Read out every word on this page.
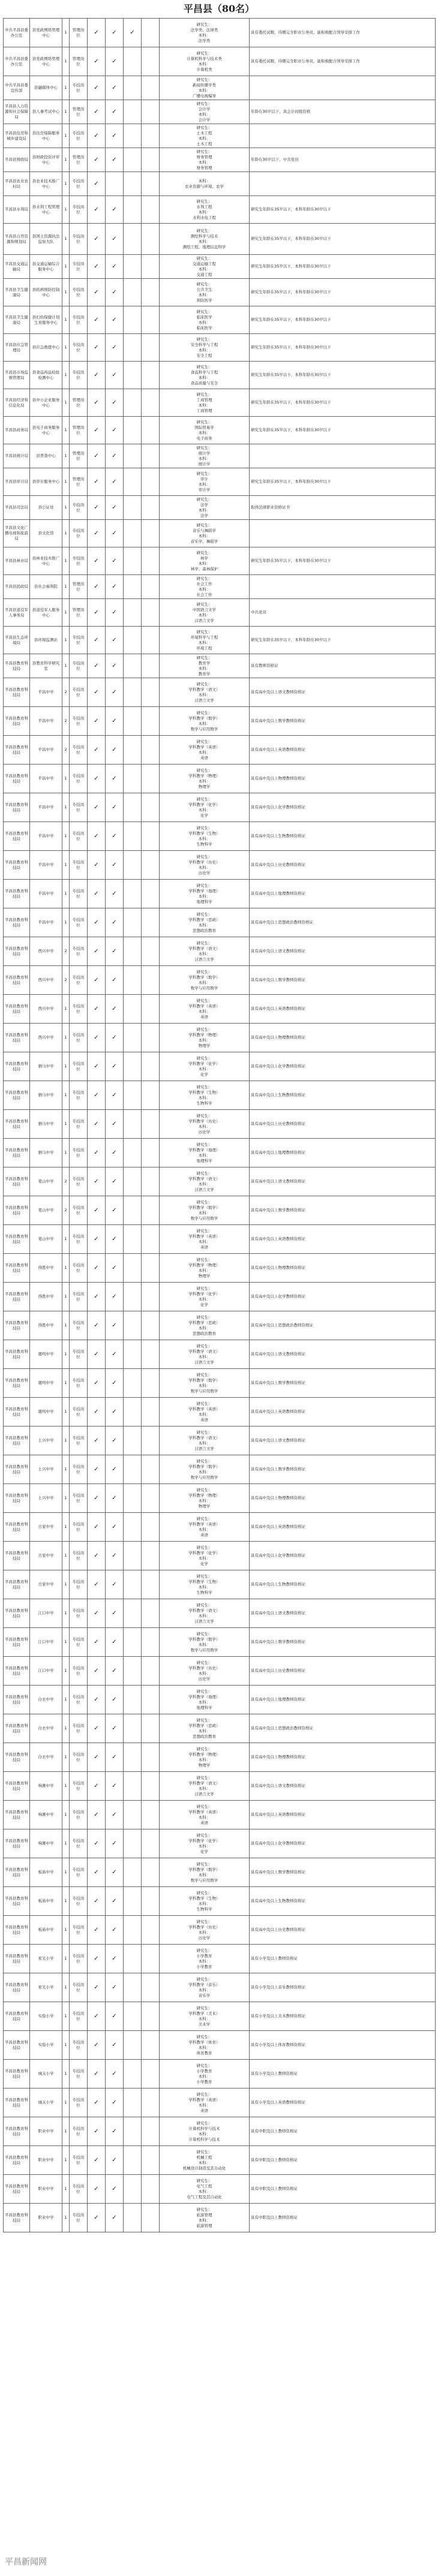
平昌县（80名）
中共平昌县委办公室	县党政网络管理中心	1	管理岗位	✓	✓	✓		研究生：
法学类、法律类
本科：
法学类	具有委托试聘、待聘完全职业公务员，能积极配合领导安排工作
中共平昌县委办公室	县党政网络管理中心	1	管理岗位	✓	✓			研究生：
计算机科学与技术类
本科：
计算机类	具有委托试聘、待聘完全职业公务员，能积极配合领导安排工作
中共平昌县委宣传部	县融媒体中心	1	专技岗位	✓	✓			研究生：
新闻传播学类
本科：
广播电视编导	
平昌县人力资源和社会保障局	县人事考试中心	1	管理岗位	✓	✓			研究生：
会计学
本科：
会计学	年龄在30岁以下，具会计初级资格
平昌县住房和城乡建设局	县住房保障服务中心	1	专技岗位	✓	✓			研究生：
土木工程
本科：
土木工程	
平昌县财政局	县财政投资评审中心	1	管理岗位	✓	✓			研究生：
财务管理
本科：
财务管理	年龄在30岁以下，中共党员
平昌县农业农村局	县农业技术推广中心	1	专技岗位	✓				本科：
农业资源与环境、农学	
平昌县水利局	县水利工程管理中心	1	专技岗位	✓	✓			研究生：
水利工程
本科：
水利水电工程	研究生年龄在35岁以下，本科年龄在30岁以下
平昌县自然资源和规划局	县国土资源执法监察大队	1	专技岗位	✓	✓			研究生：
测绘科学与技术
本科：
测绘工程、地理信息科学	研究生年龄在35岁以下，本科年龄在30岁以下
平昌县交通运输局	县交通运输综合服务中心	1	专技岗位	✓	✓			研究生：
交通运输工程
本科：
交通工程	研究生年龄在35岁以下，本科年龄在30岁以下
平昌县卫生健康局	县疾病预防控制中心	1	专技岗位	✓	✓			研究生：
公共卫生
本科：
预防医学	研究生年龄在35岁以下，本科年龄在30岁以下
平昌县卫生健康局	县妇幼保健计划生育服务中心	1	专技岗位	✓	✓			研究生：
临床医学
本科：
临床医学	研究生年龄在35岁以下，本科年龄在30岁以下
平昌县应急管理局	县应急救援中心	1	专技岗位	✓	✓			研究生：
安全科学与工程
本科：
安全工程	研究生年龄在35岁以下，本科年龄在30岁以下
平昌县市场监督管理局	县食品药品检验检测中心	1	专技岗位	✓	✓			研究生：
食品科学与工程
本科：
食品质量与安全	研究生年龄在35岁以下，本科年龄在30岁以下
平昌县经济和信息化局	县中小企业服务中心	1	管理岗位	✓	✓			研究生：
工商管理
本科：
工商管理	研究生年龄在35岁以下，本科年龄在30岁以下
平昌县商务局	县电子商务服务中心	1	管理岗位	✓	✓			研究生：
国际贸易学
本科：
电子商务	研究生年龄在35岁以下，本科年龄在30岁以下
平昌县统计局	县普查中心	1	管理岗位	✓	✓			研究生：
统计学
本科：
统计学	
平昌县审计局	县审计服务中心	1	管理岗位	✓	✓			研究生：
审计
本科：
审计学	研究生年龄在35岁以下，本科年龄在30岁以下
平昌县司法局	县公证处	1	专技岗位	✓	✓			研究生：
法学
本科：
法学	取得法律职业资格证书
平昌县文化广播电视和旅游局	县文化馆	1	专技岗位	✓	✓			研究生：
音乐与舞蹈学
本科：
音乐学、舞蹈学	
平昌县林业局	县林业技术推广中心	1	专技岗位	✓	✓			研究生：
林学
本科：
林学、森林保护	研究生年龄在35岁以下，本科年龄在30岁以下
平昌县民政局	县社会福利院	1	管理岗位	✓	✓			研究生：
社会工作
本科：
社会工作	
平昌县退役军人事务局	县退役军人服务中心	1	管理岗位	✓	✓			研究生：
中国语言文学
本科：
汉语言文学	中共党员
平昌县生态环境局	县环境监测站	1	专技岗位	✓	✓			研究生：
环境科学与工程
本科：
环境工程	研究生年龄在35岁以下，本科年龄在30岁以下
平昌县教育科技局	县教育科学研究室	1	专技岗位	✓	✓			研究生：
教育学
本科：
教育学	具有教师资格证
平昌县教育科技局	平昌中学	2	专技岗位	✓	✓			研究生：
学科教学（语文）
本科：
汉语言文学	具有高中及以上语文教师资格证
平昌县教育科技局	平昌中学	2	专技岗位	✓	✓			研究生：
学科教学（数学）
本科：
数学与应用数学	具有高中及以上数学教师资格证
平昌县教育科技局	平昌中学	2	专技岗位	✓	✓			研究生：
学科教学（英语）
本科：
英语	具有高中及以上英语教师资格证
平昌县教育科技局	平昌中学	1	专技岗位	✓	✓			研究生：
学科教学（物理）
本科：
物理学	具有高中及以上物理教师资格证
平昌县教育科技局	平昌中学	1	专技岗位	✓	✓			研究生：
学科教学（化学）
本科：
化学	具有高中及以上化学教师资格证
平昌县教育科技局	平昌中学	1	专技岗位	✓	✓			研究生：
学科教学（生物）
本科：
生物科学	具有高中及以上生物教师资格证
平昌县教育科技局	平昌中学	1	专技岗位	✓	✓			研究生：
学科教学（历史）
本科：
历史学	具有高中及以上历史教师资格证
平昌县教育科技局	平昌中学	1	专技岗位	✓	✓			研究生：
学科教学（地理）
本科：
地理科学	具有高中及以上地理教师资格证
平昌县教育科技局	平昌中学	1	专技岗位	✓	✓			研究生：
学科教学（思政）
本科：
思想政治教育	具有高中及以上思想政治教师资格证
平昌县教育科技局	西兴中学	2	专技岗位	✓	✓			研究生：
学科教学（语文）
本科：
汉语言文学	具有高中及以上语文教师资格证
平昌县教育科技局	西兴中学	2	专技岗位	✓	✓			研究生：
学科教学（数学）
本科：
数学与应用数学	具有高中及以上数学教师资格证
平昌县教育科技局	西兴中学	1	专技岗位	✓	✓			研究生：
学科教学（英语）
本科：
英语	具有高中及以上英语教师资格证
平昌县教育科技局	西兴中学	1	专技岗位	✓	✓			研究生：
学科教学（物理）
本科：
物理学	具有高中及以上物理教师资格证
平昌县教育科技局	驷马中学	1	专技岗位	✓	✓			研究生：
学科教学（化学）
本科：
化学	具有高中及以上化学教师资格证
平昌县教育科技局	驷马中学	1	专技岗位	✓	✓			研究生：
学科教学（生物）
本科：
生物科学	具有高中及以上生物教师资格证
平昌县教育科技局	驷马中学	1	专技岗位	✓	✓			研究生：
学科教学（历史）
本科：
历史学	具有高中及以上历史教师资格证
平昌县教育科技局	驷马中学	1	专技岗位	✓	✓			研究生：
学科教学（地理）
本科：
地理科学	具有高中及以上地理教师资格证
平昌县教育科技局	笔山中学	2	专技岗位	✓	✓			研究生：
学科教学（语文）
本科：
汉语言文学	具有高中及以上语文教师资格证
平昌县教育科技局	笔山中学	2	专技岗位	✓	✓			研究生：
学科教学（数学）
本科：
数学与应用数学	具有高中及以上数学教师资格证
平昌县教育科技局	笔山中学	1	专技岗位	✓	✓			研究生：
学科教学（英语）
本科：
英语	具有高中及以上英语教师资格证
平昌县教育科技局	得胜中学	1	专技岗位	✓	✓			研究生：
学科教学（物理）
本科：
物理学	具有高中及以上物理教师资格证
平昌县教育科技局	得胜中学	1	专技岗位	✓	✓			研究生：
学科教学（化学）
本科：
化学	具有高中及以上化学教师资格证
平昌县教育科技局	得胜中学	1	专技岗位	✓	✓			研究生：
学科教学（思政）
本科：
思想政治教育	具有高中及以上思想政治教师资格证
平昌县教育科技局	鹿鸣中学	1	专技岗位	✓	✓			研究生：
学科教学（语文）
本科：
汉语言文学	具有高中及以上语文教师资格证
平昌县教育科技局	鹿鸣中学	1	专技岗位	✓	✓			研究生：
学科教学（数学）
本科：
数学与应用数学	具有高中及以上数学教师资格证
平昌县教育科技局	鹿鸣中学	1	专技岗位	✓	✓			研究生：
学科教学（英语）
本科：
英语	具有高中及以上英语教师资格证
平昌县教育科技局	土兴中学	1	专技岗位	✓	✓			研究生：
学科教学（语文）
本科：
汉语言文学	具有高中及以上语文教师资格证
平昌县教育科技局	土兴中学	1	专技岗位	✓	✓			研究生：
学科教学（数学）
本科：
数学与应用数学	具有高中及以上数学教师资格证
平昌县教育科技局	土兴中学	1	专技岗位	✓	✓			研究生：
学科教学（物理）
本科：
物理学	具有高中及以上物理教师资格证
平昌县教育科技局	岳家中学	1	专技岗位	✓	✓			研究生：
学科教学（英语）
本科：
英语	具有高中及以上英语教师资格证
平昌县教育科技局	岳家中学	1	专技岗位	✓	✓			研究生：
学科教学（化学）
本科：
化学	具有高中及以上化学教师资格证
平昌县教育科技局	岳家中学	1	专技岗位	✓	✓			研究生：
学科教学（生物）
本科：
生物科学	具有高中及以上生物教师资格证
平昌县教育科技局	江口中学	1	专技岗位	✓	✓			研究生：
学科教学（语文）
本科：
汉语言文学	具有高中及以上语文教师资格证
平昌县教育科技局	江口中学	1	专技岗位	✓	✓			研究生：
学科教学（数学）
本科：
数学与应用数学	具有高中及以上数学教师资格证
平昌县教育科技局	江口中学	1	专技岗位	✓	✓			研究生：
学科教学（历史）
本科：
历史学	具有高中及以上历史教师资格证
平昌县教育科技局	白衣中学	1	专技岗位	✓	✓			研究生：
学科教学（地理）
本科：
地理科学	具有高中及以上地理教师资格证
平昌县教育科技局	白衣中学	1	专技岗位	✓	✓			研究生：
学科教学（思政）
本科：
思想政治教育	具有高中及以上思想政治教师资格证
平昌县教育科技局	白衣中学	1	专技岗位	✓	✓			研究生：
学科教学（物理）
本科：
物理学	具有高中及以上物理教师资格证
平昌县教育科技局	响滩中学	1	专技岗位	✓	✓			研究生：
学科教学（语文）
本科：
汉语言文学	具有高中及以上语文教师资格证
平昌县教育科技局	响滩中学	1	专技岗位	✓	✓			研究生：
学科教学（英语）
本科：
英语	具有高中及以上英语教师资格证
平昌县教育科技局	响滩中学	1	专技岗位	✓	✓			研究生：
学科教学（化学）
本科：
化学	具有高中及以上化学教师资格证
平昌县教育科技局	板庙中学	1	专技岗位	✓	✓			研究生：
学科教学（数学）
本科：
数学与应用数学	具有高中及以上数学教师资格证
平昌县教育科技局	板庙中学	1	专技岗位	✓	✓			研究生：
学科教学（生物）
本科：
生物科学	具有高中及以上生物教师资格证
平昌县教育科技局	板庙中学	1	专技岗位	✓	✓			研究生：
学科教学（历史）
本科：
历史学	具有高中及以上历史教师资格证
平昌县教育科技局	星光小学	1	专技岗位	✓	✓			研究生：
小学教育
本科：
小学教育	具有小学及以上教师资格证
平昌县教育科技局	星光小学	1	专技岗位	✓	✓			研究生：
学科教学（音乐）
本科：
音乐学	具有小学及以上音乐教师资格证
平昌县教育科技局	实验小学	1	专技岗位	✓	✓			研究生：
学科教学（美术）
本科：
美术学	具有小学及以上美术教师资格证
平昌县教育科技局	实验小学	1	专技岗位	✓	✓			研究生：
学科教学（体育）
本科：
体育教育	具有小学及以上体育教师资格证
平昌县教育科技局	城关小学	1	专技岗位	✓	✓			研究生：
小学教育
本科：
小学教育	具有小学及以上教师资格证
平昌县教育科技局	城关小学	1	专技岗位	✓	✓			研究生：
学科教学（英语）
本科：
英语	具有小学及以上英语教师资格证
平昌县教育科技局	职业中学	1	专技岗位	✓	✓			研究生：
计算机科学与技术
本科：
计算机科学与技术	具有中职及以上教师资格证
平昌县教育科技局	职业中学	1	专技岗位	✓	✓			研究生：
机械工程
本科：
机械设计制造及其自动化	具有中职及以上教师资格证
平昌县教育科技局	职业中学	1	专技岗位	✓	✓			研究生：
电气工程
本科：
电气工程及其自动化	具有中职及以上教师资格证
平昌县教育科技局	职业中学	1	专技岗位	✓	✓			研究生：
旅游管理
本科：
旅游管理	具有中职及以上教师资格证
平昌新闻网
